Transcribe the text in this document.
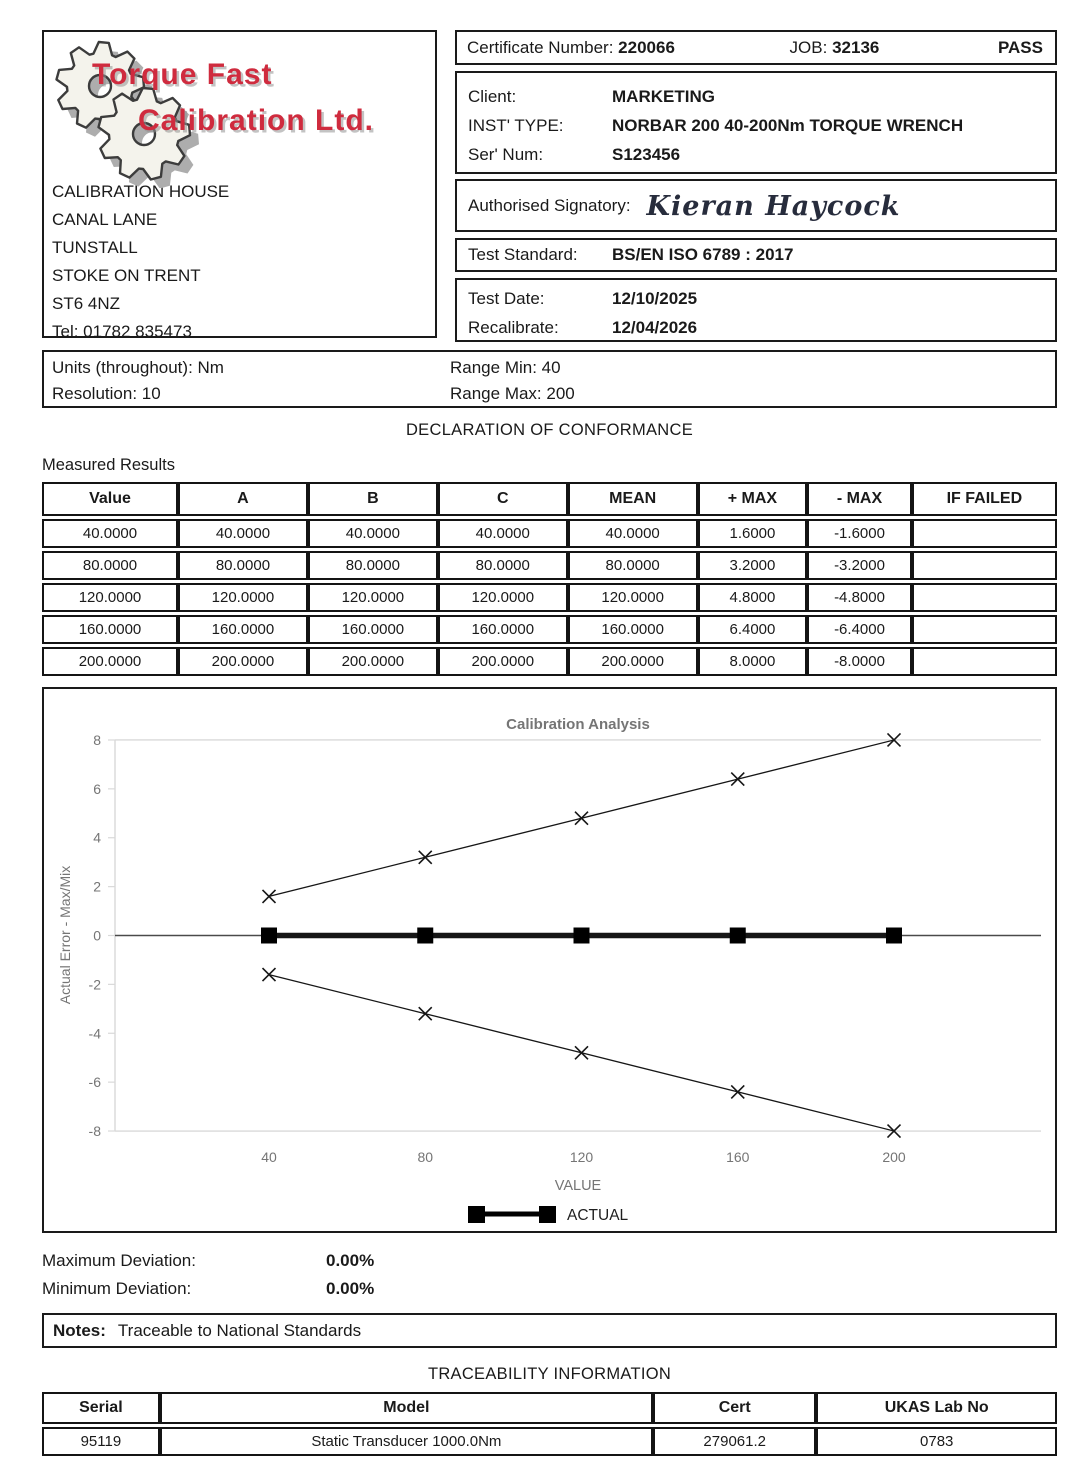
Torque Fast
Calibration Ltd.
CALIBRATION HOUSE
CANAL LANE
TUNSTALL
STOKE ON TRENT
ST6 4NZ
Tel: 01782 835473
Certificate Number: 220066	JOB: 32136	PASS
Client:	MARKETING
INST' TYPE:	NORBAR 200 40-200Nm TORQUE WRENCH
Ser' Num:	S123456
Authorised Signatory: Kieran Haycock
Test Standard:	BS/EN ISO 6789 : 2017
Test Date:	12/10/2025
Recalibrate:	12/04/2026
Units (throughout): Nm
Resolution: 10
Range Min: 40
Range Max: 200
DECLARATION OF CONFORMANCE
Measured Results
Value	A	B	C	MEAN	+ MAX	- MAX	IF FAILED
40.0000	40.0000	40.0000	40.0000	40.0000	1.6000	-1.6000	
80.0000	80.0000	80.0000	80.0000	80.0000	3.2000	-3.2000	
120.0000	120.0000	120.0000	120.0000	120.0000	4.8000	-4.8000	
160.0000	160.0000	160.0000	160.0000	160.0000	6.4000	-6.4000	
200.0000	200.0000	200.0000	200.0000	200.0000	8.0000	-8.0000	
Calibration Analysis
Actual Error - Max/Mix
VALUE
8
6
4
2
0
-2
-4
-6
-8
40	80	120	160	200
ACTUAL
Maximum Deviation:	0.00%
Minimum Deviation:	0.00%
Notes: Traceable to National Standards
TRACEABILITY INFORMATION
Serial	Model	Cert	UKAS Lab No
95119	Static Transducer 1000.0Nm	279061.2	0783
